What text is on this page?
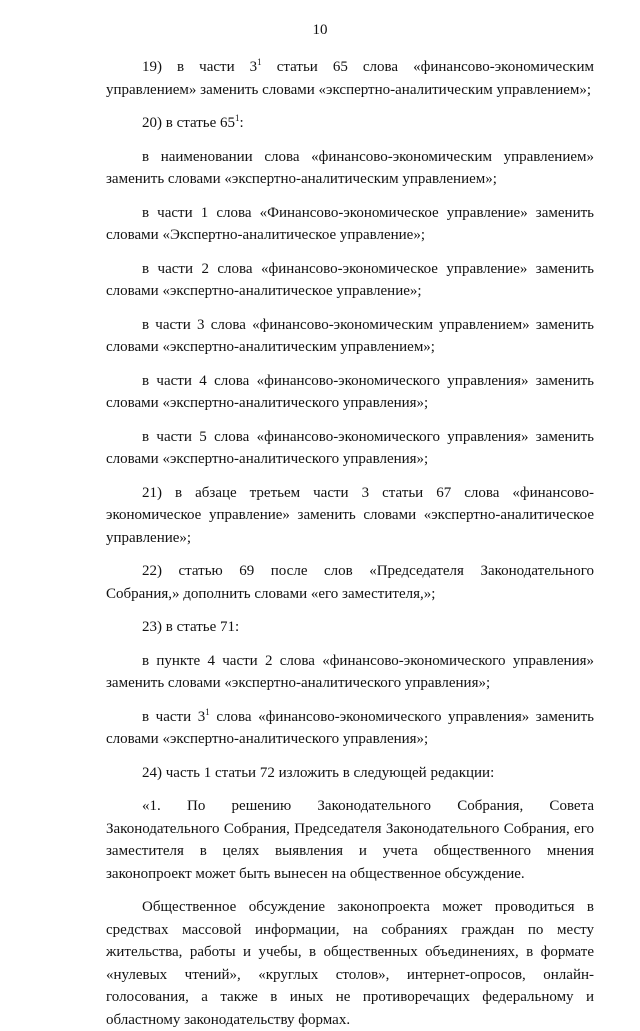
10

19) в части $3^1$ статьи 65 слова «финансово-экономическим управлением» заменить словами «экспертно-аналитическим управлением»;

20) в статье $65^1$:

в наименовании слова «финансово-экономическим управлением» заменить словами «экспертно-аналитическим управлением»;

в части 1 слова «Финансово-экономическое управление» заменить словами «Экспертно-аналитическое управление»;

в части 2 слова «финансово-экономическое управление» заменить словами «экспертно-аналитическое управление»;

в части 3 слова «финансово-экономическим управлением» заменить словами «экспертно-аналитическим управлением»;

в части 4 слова «финансово-экономического управления» заменить словами «экспертно-аналитического управления»;

в части 5 слова «финансово-экономического управления» заменить словами «экспертно-аналитического управления»;

21) в абзаце третьем части 3 статьи 67 слова «финансово-экономическое управление» заменить словами «экспертно-аналитическое управление»;

22) статью 69 после слов «Председателя Законодательного Собрания,» дополнить словами «его заместителя,»;

23) в статье 71:

в пункте 4 части 2 слова «финансово-экономического управления» заменить словами «экспертно-аналитического управления»;

в части $3^1$ слова «финансово-экономического управления» заменить словами «экспертно-аналитического управления»;

24) часть 1 статьи 72 изложить в следующей редакции:

«1. По решению Законодательного Собрания, Совета Законодательного Собрания, Председателя Законодательного Собрания, его заместителя в целях выявления и учета общественного мнения законопроект может быть вынесен на общественное обсуждение.

Общественное обсуждение законопроекта может проводиться в средствах массовой информации, на собраниях граждан по месту жительства, работы и учебы, в общественных объединениях, в формате «нулевых чтений», «круглых столов», интернет-опросов, онлайн-голосования, а также в иных не противоречащих федеральному и областному законодательству формах.
